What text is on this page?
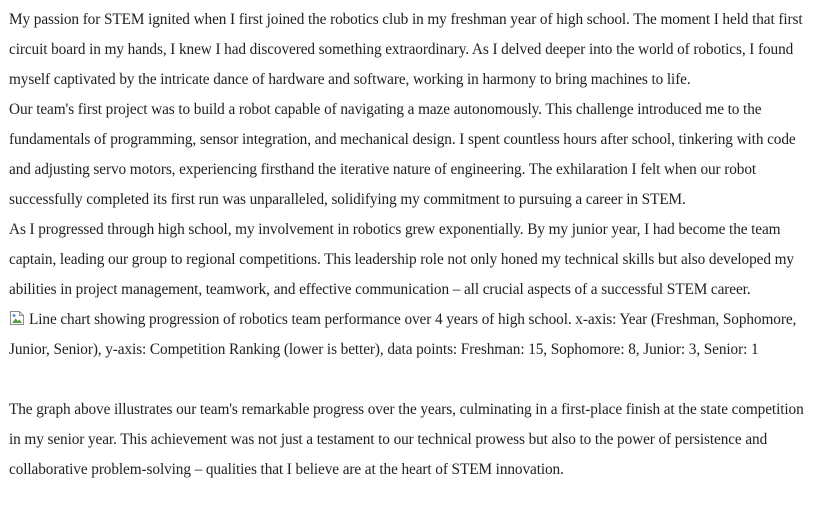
My passion for STEM ignited when I first joined the robotics club in my freshman year of high school. The moment I held that first circuit board in my hands, I knew I had discovered something extraordinary. As I delved deeper into the world of robotics, I found myself captivated by the intricate dance of hardware and software, working in harmony to bring machines to life.

Our team's first project was to build a robot capable of navigating a maze autonomously. This challenge introduced me to the fundamentals of programming, sensor integration, and mechanical design. I spent countless hours after school, tinkering with code and adjusting servo motors, experiencing firsthand the iterative nature of engineering. The exhilaration I felt when our robot successfully completed its first run was unparalleled, solidifying my commitment to pursuing a career in STEM.

As I progressed through high school, my involvement in robotics grew exponentially. By my junior year, I had become the team captain, leading our group to regional competitions. This leadership role not only honed my technical skills but also developed my abilities in project management, teamwork, and effective communication – all crucial aspects of a successful STEM career.

Line chart showing progression of robotics team performance over 4 years of high school. x-axis: Year (Freshman, Sophomore, Junior, Senior), y-axis: Competition Ranking (lower is better), data points: Freshman: 15, Sophomore: 8, Junior: 3, Senior: 1

The graph above illustrates our team's remarkable progress over the years, culminating in a first-place finish at the state competition in my senior year. This achievement was not just a testament to our technical prowess but also to the power of persistence and collaborative problem-solving – qualities that I believe are at the heart of STEM innovation.
